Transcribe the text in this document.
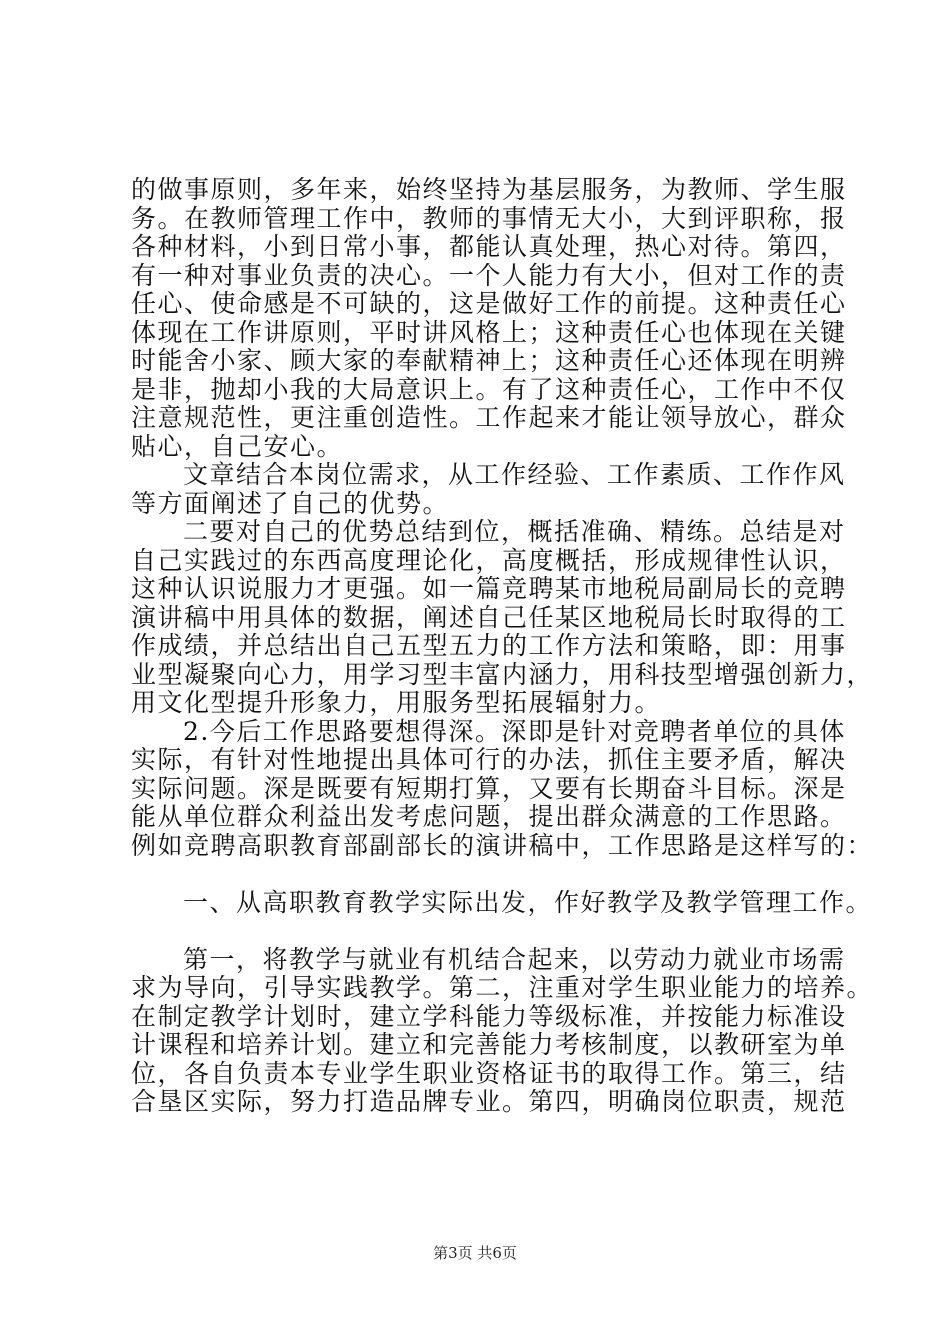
的做事原则，多年来，始终坚持为基层服务，为教师、学生服
务。在教师管理工作中，教师的事情无大小，大到评职称，报
各种材料，小到日常小事，都能认真处理，热心对待。第四，
有一种对事业负责的决心。一个人能力有大小，但对工作的责
任心、使命感是不可缺的，这是做好工作的前提。这种责任心
体现在工作讲原则，平时讲风格上；这种责任心也体现在关键
时能舍小家、顾大家的奉献精神上；这种责任心还体现在明辨
是非，抛却小我的大局意识上。有了这种责任心，工作中不仅
注意规范性，更注重创造性。工作起来才能让领导放心，群众
贴心，自己安心。
文章结合本岗位需求，从工作经验、工作素质、工作作风
等方面阐述了自己的优势。
二要对自己的优势总结到位，概括准确、精练。总结是对
自己实践过的东西高度理论化，高度概括，形成规律性认识，
这种认识说服力才更强。如一篇竞聘某市地税局副局长的竞聘
演讲稿中用具体的数据，阐述自己任某区地税局长时取得的工
作成绩，并总结出自己五型五力的工作方法和策略，即：用事
业型凝聚向心力，用学习型丰富内涵力，用科技型增强创新力，
用文化型提升形象力，用服务型拓展辐射力。
2.今后工作思路要想得深。深即是针对竞聘者单位的具体
实际，有针对性地提出具体可行的办法，抓住主要矛盾，解决
实际问题。深是既要有短期打算，又要有长期奋斗目标。深是
能从单位群众利益出发考虑问题，提出群众满意的工作思路。
例如竞聘高职教育部副部长的演讲稿中，工作思路是这样写的：
一、从高职教育教学实际出发，作好教学及教学管理工作。
第一，将教学与就业有机结合起来，以劳动力就业市场需
求为导向，引导实践教学。第二，注重对学生职业能力的培养。
在制定教学计划时，建立学科能力等级标准，并按能力标准设
计课程和培养计划。建立和完善能力考核制度，以教研室为单
位，各自负责本专业学生职业资格证书的取得工作。第三，结
合垦区实际，努力打造品牌专业。第四，明确岗位职责，规范
第3页 共6页
